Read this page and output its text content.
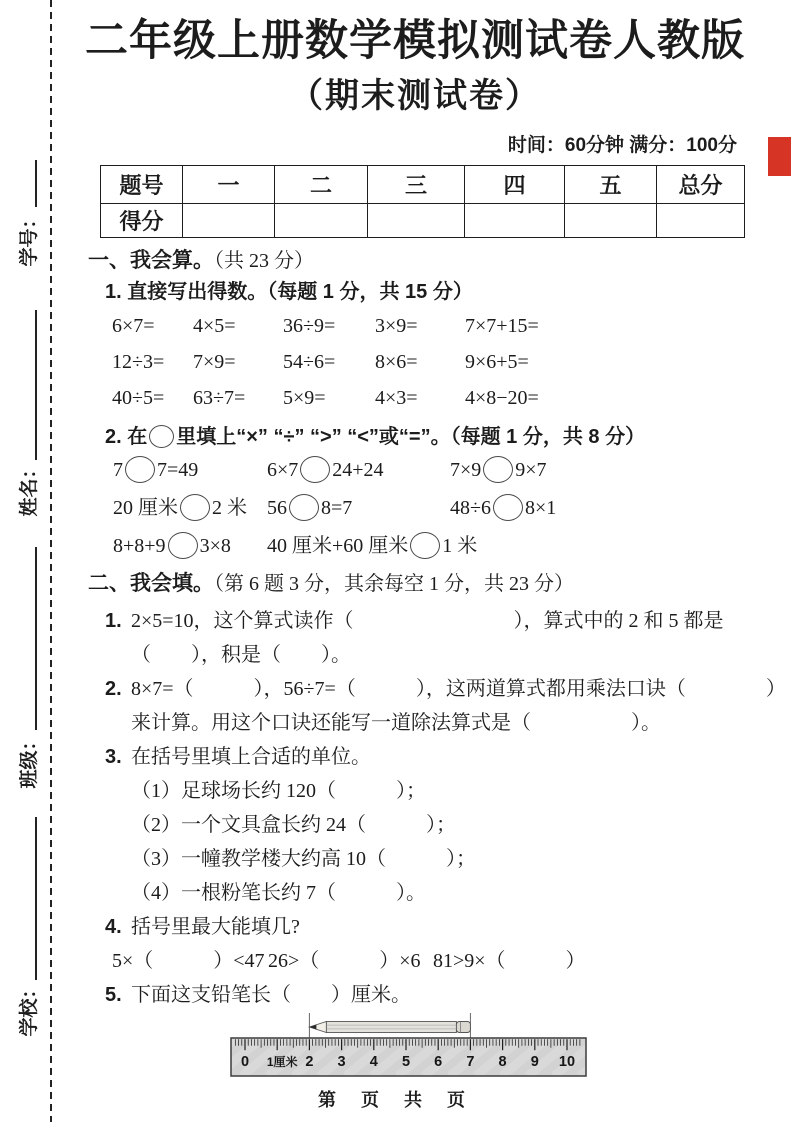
学号：
姓名：
班级：
学校：
二年级上册数学模拟测试卷人教版
（期末测试卷）
时间：60分钟 满分：100分
题号	一	二	三	四	五	总分
得分						
一、我会算。（共 23 分）
1. 直接写出得数。（每题 1 分，共 15 分）
6×7=	4×5=	36÷9=	3×9=	7×7+15=
12÷3=	7×9=	54÷6=	8×6=	9×6+5=
40÷5=	63÷7=	5×9=	4×3=	4×8−20=
2. 在 里填上“×” “÷” “>” “<”或“=”。（每题 1 分，共 8 分）
7 7=49	6×7 24+24	7×9 9×7
20 厘米 2 米	56 8=7	48÷6 8×1
8+8+9 3×8	40 厘米+60 厘米 1 米
二、我会填。（第 6 题 3 分，其余每空 1 分，共 23 分）
1. 2×5=10，这个算式读作（　　　　　　　　），算式中的 2 和 5 都是
（　　），积是（　　）。
2. 8×7=（　　　），56÷7=（　　　），这两道算式都用乘法口诀（　　　　）
来计算。用这个口诀还能写一道除法算式是（　　　　　）。
3. 在括号里填上合适的单位。
（1）足球场长约 120（　　　）；
（2）一个文具盒长约 24（　　　）；
（3）一幢教学楼大约高 10（　　　）；
（4）一根粉笔长约 7（　　　）。
4. 括号里最大能填几?
5×（　　　）<47 26>（　　　）×6 81>9×（　　　）
5. 下面这支铅笔长（　　）厘米。
0 1厘米 2 3 4 5 6 7 8 9 10
第 页 共 页
